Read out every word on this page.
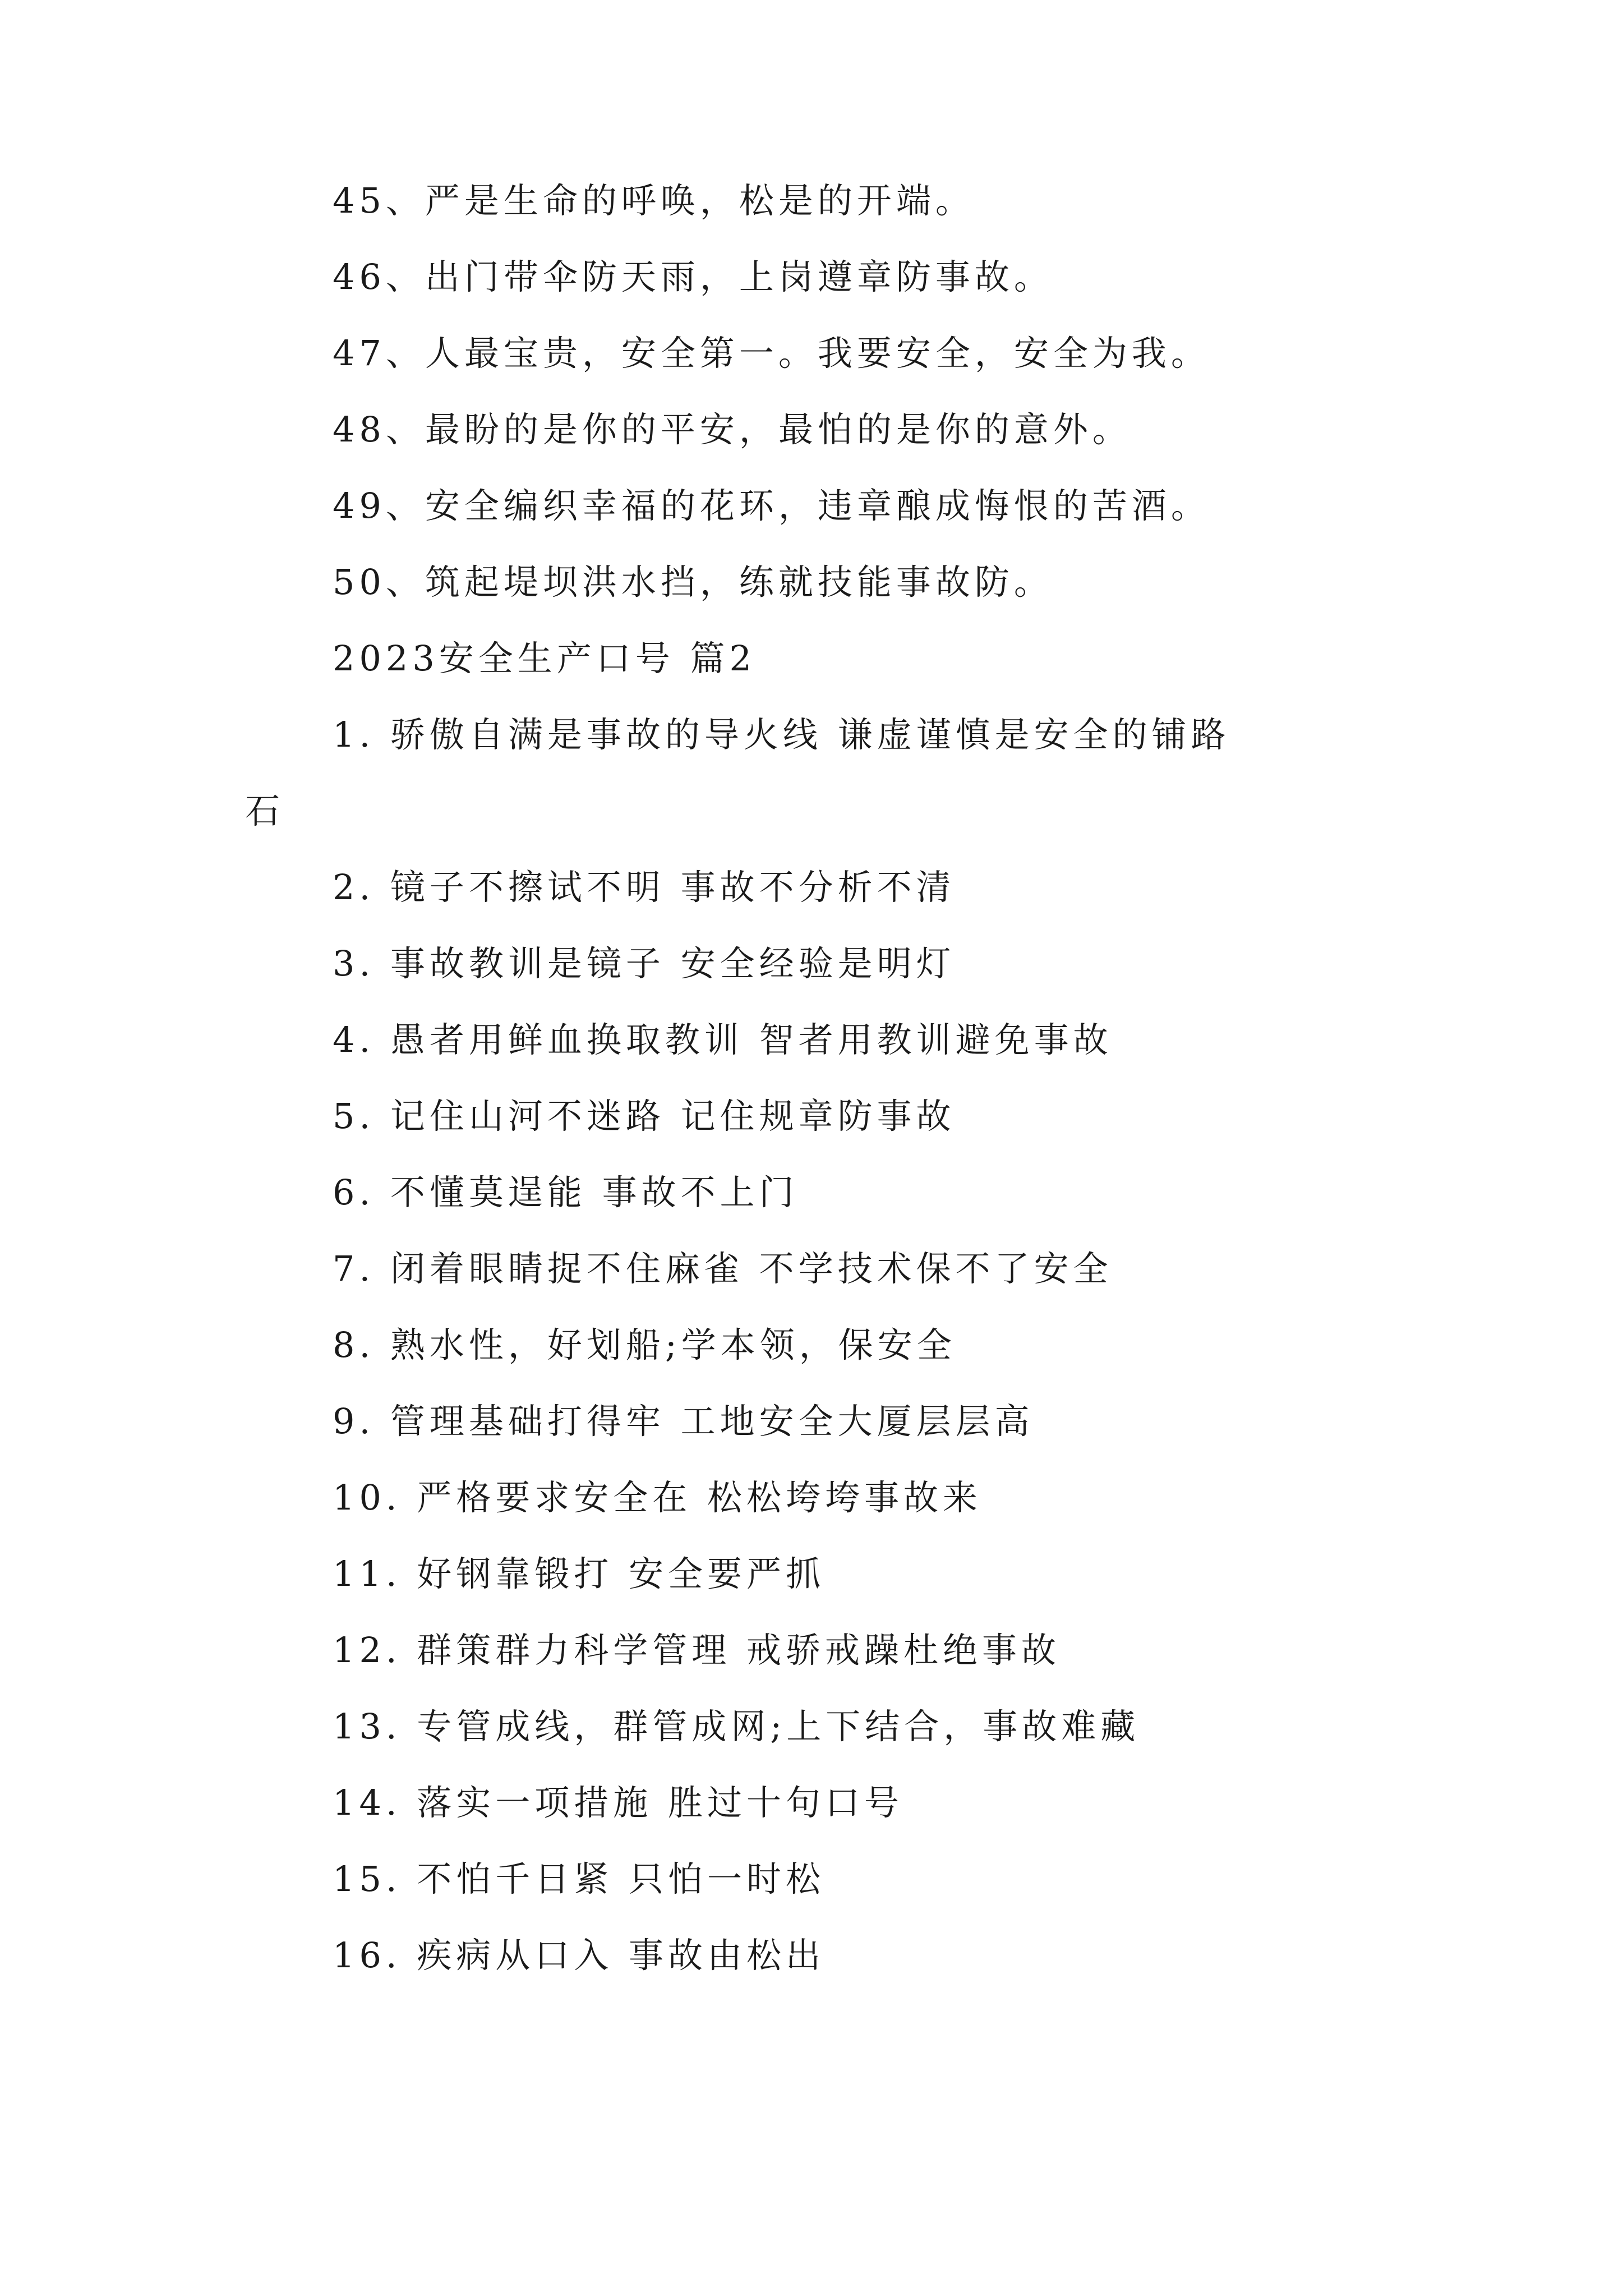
45、严是生命的呼唤，松是的开端。
46、出门带伞防天雨，上岗遵章防事故。
47、人最宝贵，安全第一。我要安全，安全为我。
48、最盼的是你的平安，最怕的是你的意外。
49、安全编织幸福的花环，违章酿成悔恨的苦酒。
50、筑起堤坝洪水挡，练就技能事故防。
2023安全生产口号 篇2
1. 骄傲自满是事故的导火线 谦虚谨慎是安全的铺路
石
2. 镜子不擦试不明 事故不分析不清
3. 事故教训是镜子 安全经验是明灯
4. 愚者用鲜血换取教训 智者用教训避免事故
5. 记住山河不迷路 记住规章防事故
6. 不懂莫逞能 事故不上门
7. 闭着眼睛捉不住麻雀 不学技术保不了安全
8. 熟水性，好划船;学本领，保安全
9. 管理基础打得牢 工地安全大厦层层高
10. 严格要求安全在 松松垮垮事故来
11. 好钢靠锻打 安全要严抓
12. 群策群力科学管理 戒骄戒躁杜绝事故
13. 专管成线，群管成网;上下结合，事故难藏
14. 落实一项措施 胜过十句口号
15. 不怕千日紧 只怕一时松
16. 疾病从口入 事故由松出
